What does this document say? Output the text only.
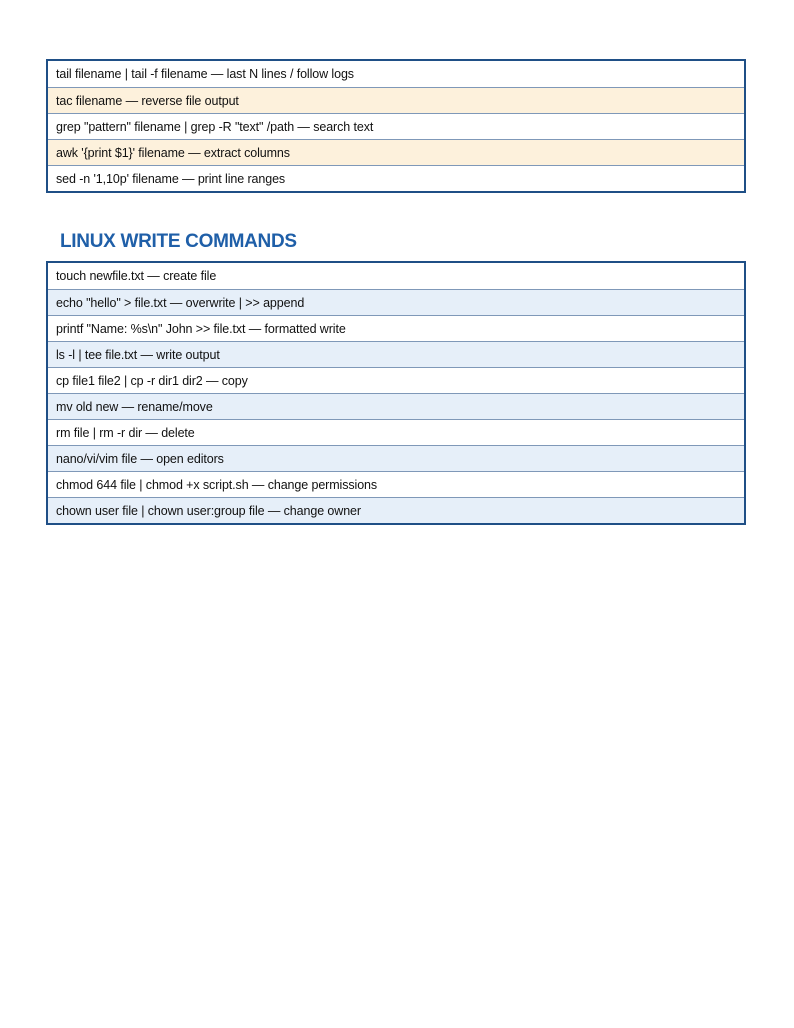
tail filename | tail -f filename — last N lines / follow logs
tac filename — reverse file output
grep "pattern" filename | grep -R "text" /path — search text
awk '{print $1}' filename — extract columns
sed -n '1,10p' filename — print line ranges
LINUX WRITE COMMANDS
touch newfile.txt — create file
echo "hello" > file.txt — overwrite | >> append
printf "Name: %s\n" John >> file.txt — formatted write
ls -l | tee file.txt — write output
cp file1 file2 | cp -r dir1 dir2 — copy
mv old new — rename/move
rm file | rm -r dir — delete
nano/vi/vim file — open editors
chmod 644 file | chmod +x script.sh — change permissions
chown user file | chown user:group file — change owner
